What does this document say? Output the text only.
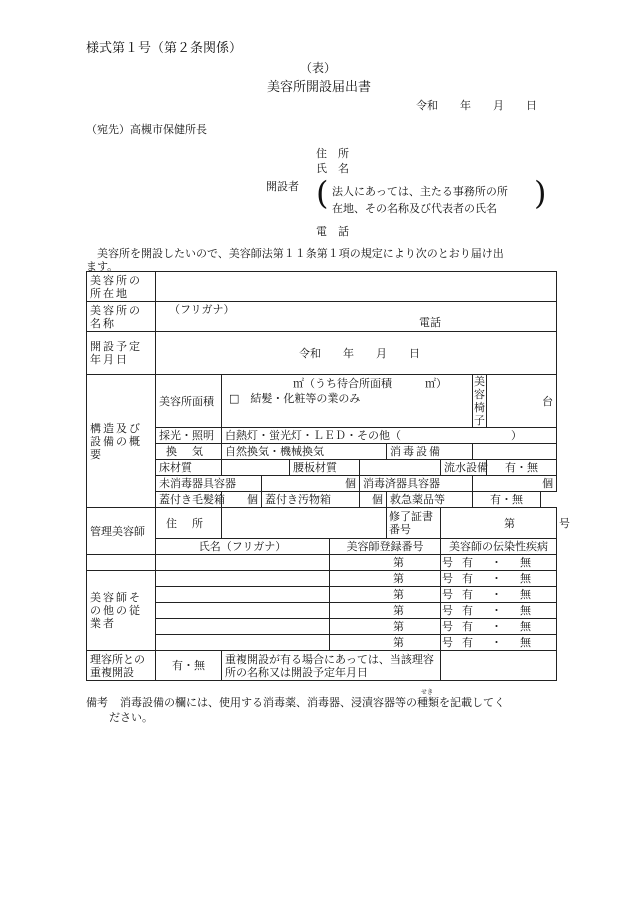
様式第１号（第２条関係）
（表）
美容所開設届出書
令和　　年　　月　　日
（宛先）高槻市保健所長
住　所
氏　名
開設者 ( 法人にあっては、主たる事務所の所
在地、その名称及び代表者の氏名 )
電　話
美容所を開設したいので、美容師法第１１条第１項の規定により次のとおり届け出
ます。
美容所の所在地										
美容所の名称	（フリガナ）
電話									

開設予定年月日	令和　　年　　月　　日									
構造及び設備の概要	美容所面積	㎡（うち待合所面積　　　㎡）
□　結髪・化粧等の業のみ							美容椅子	台
	採光・照明	白熱灯・蛍光灯・ＬＥＤ・その他（　　　　　　　　　　）								
	換　気	自然換気・機械換気					消毒設備			
	床材質			腰板材質				流水設備		有・無
	未消毒器具容器		個			消毒済器具容器			個	
	蓋付き毛髪箱	個	蓋付き汚物箱			個	救急薬品等		有・無	
管理美容師	住　所						修了証書番号	第 号		
	氏名（フリガナ）				美容師登録番号			美容師の伝染性疾病		
					第 号			有 ・ 無		
美容師その他の従業者					第 号			有 ・ 無		
					第 号			有 ・ 無		
					第 号			有 ・ 無		
					第 号			有 ・ 無		
					第 号			有 ・ 無		
理容所との重複開設	有・無	重複開設が有る場合にあっては、当該理容所の名称又は開設予定年月日								
備考
せき
消毒設備の欄には、使用する消毒薬、消毒器、浸漬容器等の種類を記載してく
ださい。
